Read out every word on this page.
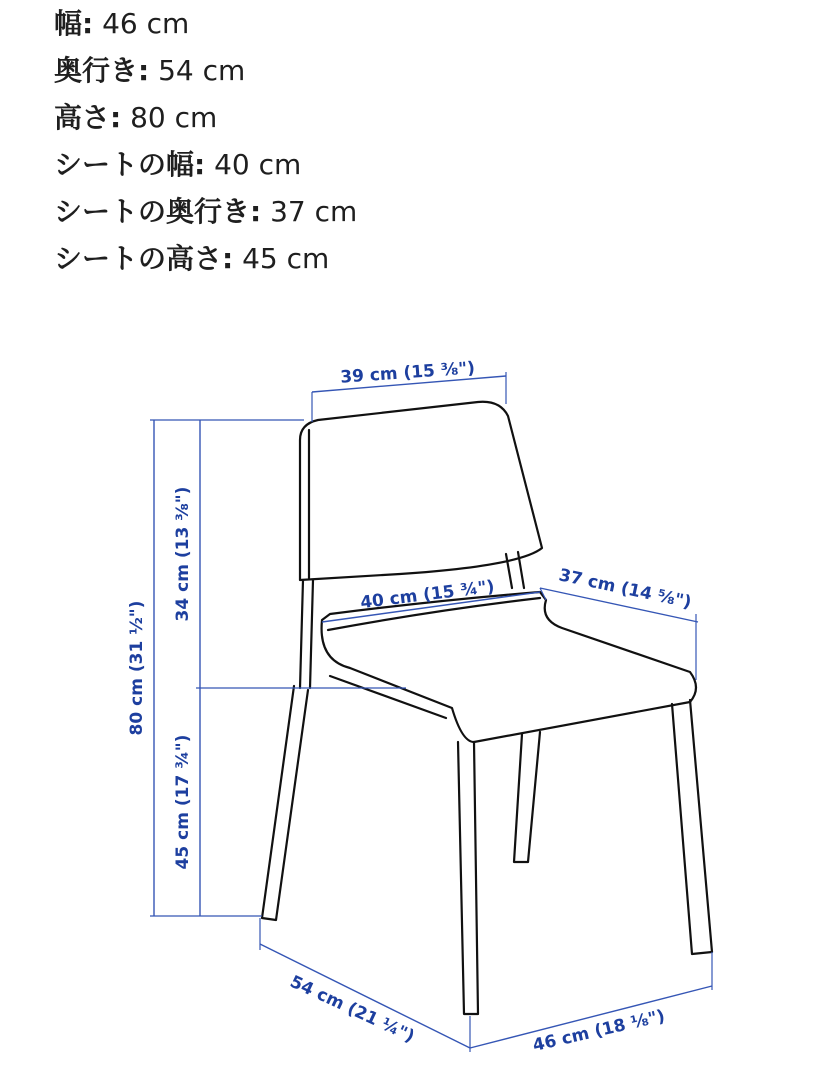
幅: 46 cm
奥行き: 54 cm
高さ: 80 cm
シートの幅: 40 cm
シートの奥行き: 37 cm
シートの高さ: 45 cm
39 cm (15 ⅜")
34 cm (13 ⅜")
80 cm (31 ½")
45 cm (17 ¾")
40 cm (15 ¾")	37 cm (14 ⅝")
54 cm (21 ¼")	46 cm (18 ⅛")
